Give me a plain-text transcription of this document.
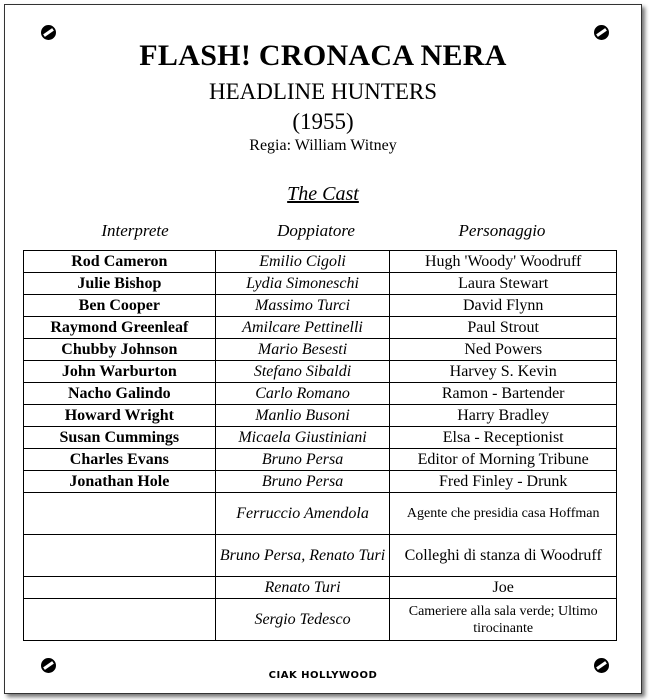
FLASH! CRONACA NERA
HEADLINE HUNTERS
(1955)
Regia: William Witney
The Cast
Interprete	Doppiatore	Personaggio
Rod Cameron	Emilio Cigoli	Hugh 'Woody' Woodruff
Julie Bishop	Lydia Simoneschi	Laura Stewart
Ben Cooper	Massimo Turci	David Flynn
Raymond Greenleaf	Amilcare Pettinelli	Paul Strout
Chubby Johnson	Mario Besesti	Ned Powers
John Warburton	Stefano Sibaldi	Harvey S. Kevin
Nacho Galindo	Carlo Romano	Ramon - Bartender
Howard Wright	Manlio Busoni	Harry Bradley
Susan Cummings	Micaela Giustiniani	Elsa - Receptionist
Charles Evans	Bruno Persa	Editor of Morning Tribune
Jonathan Hole	Bruno Persa	Fred Finley - Drunk
	Ferruccio Amendola	Agente che presidia casa Hoffman
	Bruno Persa, Renato Turi	Colleghi di stanza di Woodruff
	Renato Turi	Joe
	Sergio Tedesco	Cameriere alla sala verde; Ultimo tirocinante
CIAK HOLLYWOOD
